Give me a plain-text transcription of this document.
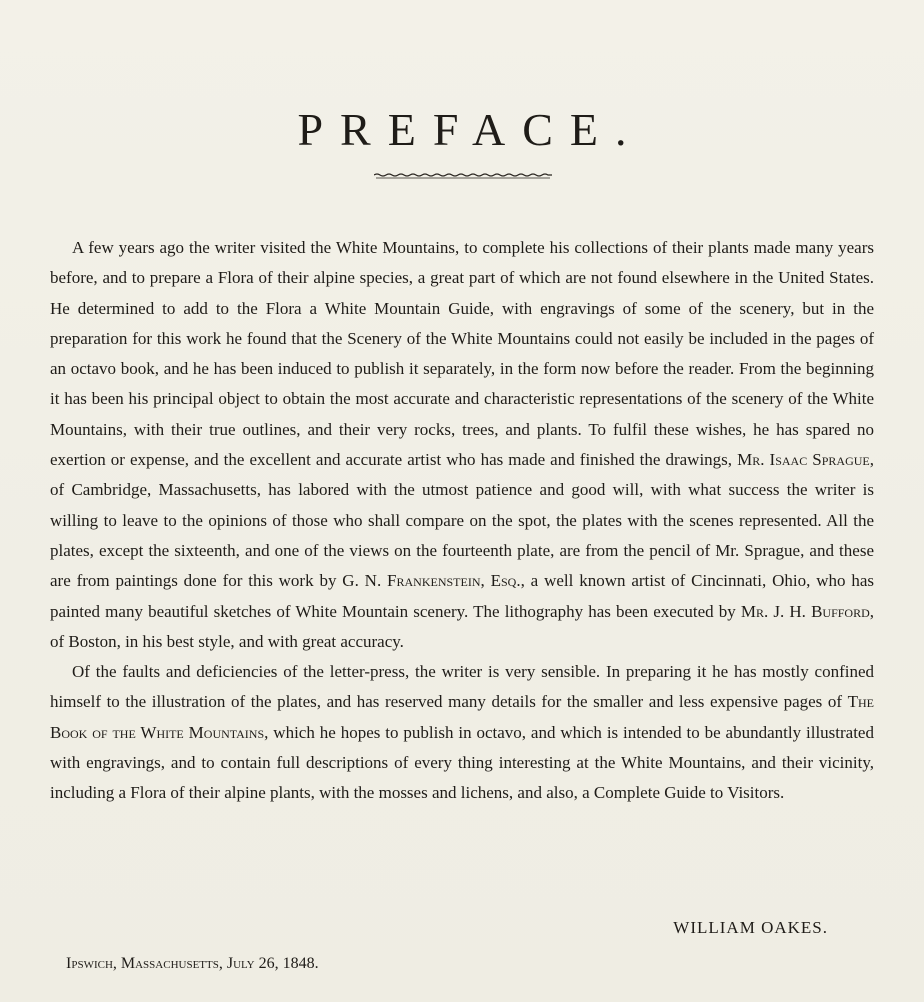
PREFACE.

A few years ago the writer visited the White Mountains, to complete his collections of their plants made many years before, and to prepare a Flora of their alpine species, a great part of which are not found elsewhere in the United States. He determined to add to the Flora a White Mountain Guide, with engravings of some of the scenery, but in the preparation for this work he found that the Scenery of the White Mountains could not easily be included in the pages of an octavo book, and he has been induced to publish it separately, in the form now before the reader. From the beginning it has been his principal object to obtain the most accurate and characteristic representations of the scenery of the White Mountains, with their true outlines, and their very rocks, trees, and plants. To fulfil these wishes, he has spared no exertion or expense, and the excellent and accurate artist who has made and finished the drawings, Mr. Isaac Sprague, of Cambridge, Massachusetts, has labored with the utmost patience and good will, with what success the writer is willing to leave to the opinions of those who shall compare on the spot, the plates with the scenes represented. All the plates, except the sixteenth, and one of the views on the fourteenth plate, are from the pencil of Mr. Sprague, and these are from paintings done for this work by G. N. Frankenstein, Esq., a well known artist of Cincinnati, Ohio, who has painted many beautiful sketches of White Mountain scenery. The lithography has been executed by Mr. J. H. Bufford, of Boston, in his best style, and with great accuracy.

Of the faults and deficiencies of the letter-press, the writer is very sensible. In preparing it he has mostly confined himself to the illustration of the plates, and has reserved many details for the smaller and less expensive pages of The Book of the White Mountains, which he hopes to publish in octavo, and which is intended to be abundantly illustrated with engravings, and to contain full descriptions of every thing interesting at the White Mountains, and their vicinity, including a Flora of their alpine plants, with the mosses and lichens, and also, a Complete Guide to Visitors.

WILLIAM OAKES.
Ipswich, Massachusetts, July 26, 1848.
